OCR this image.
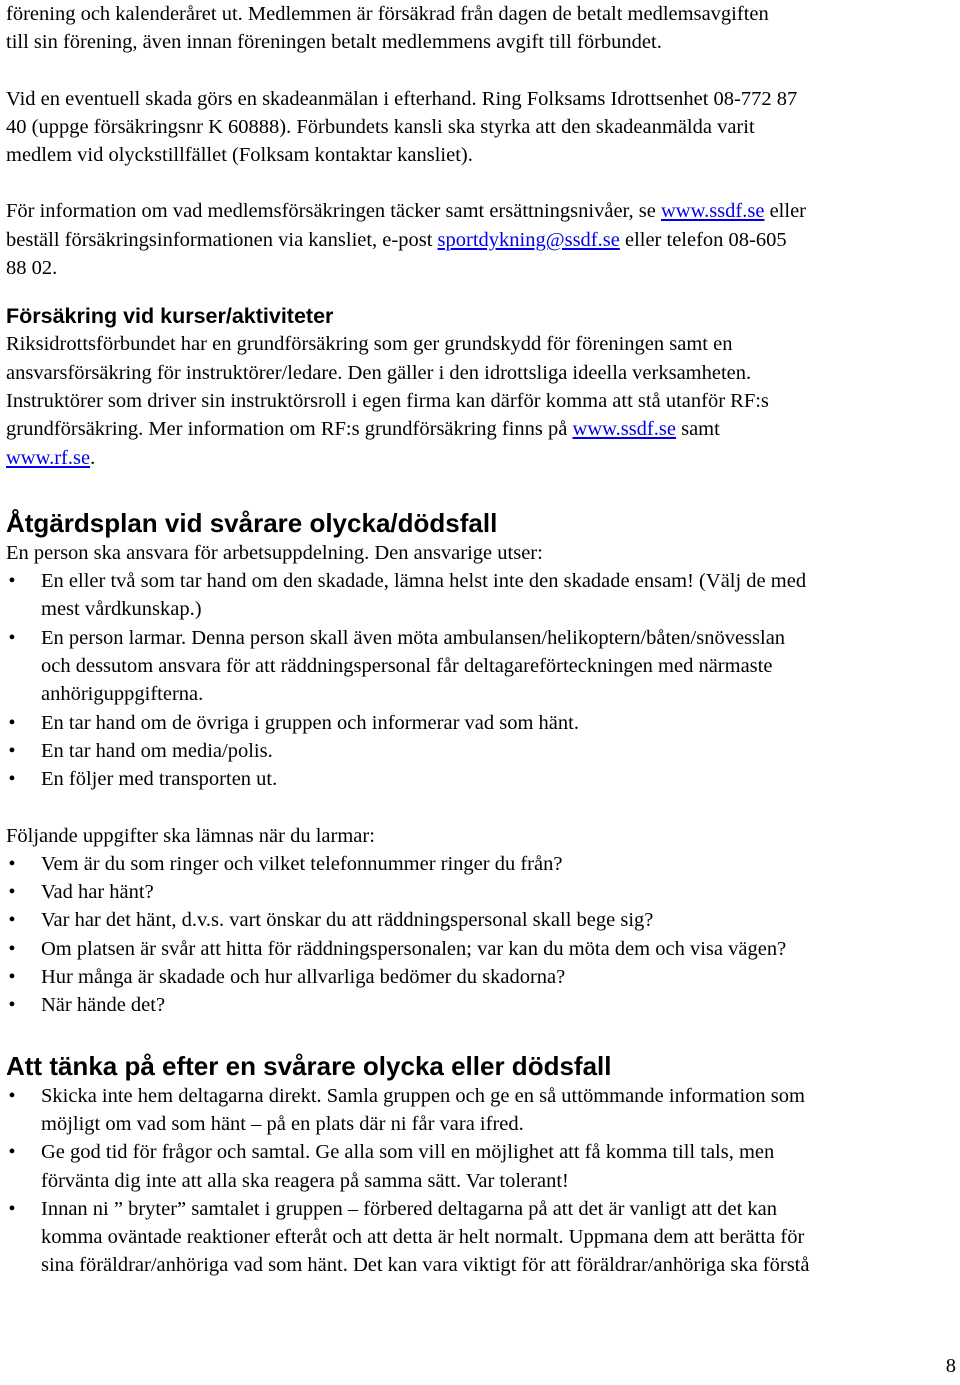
förening och kalenderåret ut. Medlemmen är försäkrad från dagen de betalt medlemsavgiften
till sin förening, även innan föreningen betalt medlemmens avgift till förbundet.

Vid en eventuell skada görs en skadeanmälan i efterhand. Ring Folksams Idrottsenhet 08-772 87
40 (uppge försäkringsnr K 60888). Förbundets kansli ska styrka att den skadeanmälda varit
medlem vid olyckstillfället (Folksam kontaktar kansliet).

För information om vad medlemsförsäkringen täcker samt ersättningsnivåer, se www.ssdf.se eller
beställ försäkringsinformationen via kansliet, e-post sportdykning@ssdf.se eller telefon 08-605
88 02.

Försäkring vid kurser/aktiviteter

Riksidrottsförbundet har en grundförsäkring som ger grundskydd för föreningen samt en
ansvarsförsäkring för instruktörer/ledare. Den gäller i den idrottsliga ideella verksamheten.
Instruktörer som driver sin instruktörsroll i egen firma kan därför komma att stå utanför RF:s
grundförsäkring. Mer information om RF:s grundförsäkring finns på www.ssdf.se samt
www.rf.se.

Åtgärdsplan vid svårare olycka/dödsfall

En person ska ansvara för arbetsuppdelning. Den ansvarige utser:

• En eller två som tar hand om den skadade, lämna helst inte den skadade ensam! (Välj de med
mest vårdkunskap.)
• En person larmar. Denna person skall även möta ambulansen/helikoptern/båten/snövesslan
och dessutom ansvara för att räddningspersonal får deltagareförteckningen med närmaste
anhöriguppgifterna.
• En tar hand om de övriga i gruppen och informerar vad som hänt.
• En tar hand om media/polis.
• En följer med transporten ut.

Följande uppgifter ska lämnas när du larmar:

• Vem är du som ringer och vilket telefonnummer ringer du från?
• Vad har hänt?
• Var har det hänt, d.v.s. vart önskar du att räddningspersonal skall bege sig?
• Om platsen är svår att hitta för räddningspersonalen; var kan du möta dem och visa vägen?
• Hur många är skadade och hur allvarliga bedömer du skadorna?
• När hände det?
Att tänka på efter en svårare olycka eller dödsfall
• Skicka inte hem deltagarna direkt. Samla gruppen och ge en så uttömmande information som
möjligt om vad som hänt – på en plats där ni får vara ifred.
• Ge god tid för frågor och samtal. Ge alla som vill en möjlighet att få komma till tals, men
förvänta dig inte att alla ska reagera på samma sätt. Var tolerant!
• Innan ni ” bryter” samtalet i gruppen – förbered deltagarna på att det är vanligt att det kan
komma oväntade reaktioner efteråt och att detta är helt normalt. Uppmana dem att berätta för
sina föräldrar/anhöriga vad som hänt. Det kan vara viktigt för att föräldrar/anhöriga ska förstå
8
